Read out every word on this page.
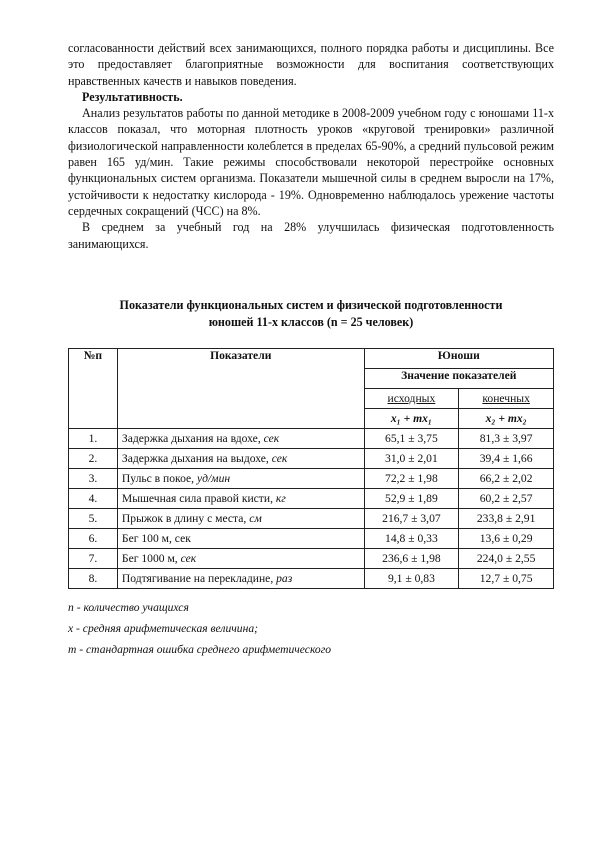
согласованности действий всех занимающихся, полного порядка работы и дисциплины. Все это предоставляет благоприятные возможности для воспитания соответствующих нравственных качеств и навыков поведения.

Результативность.

Анализ результатов работы по данной методике в 2008-2009 учебном году с юношами 11-х классов показал, что моторная плотность уроков «круговой тренировки» различной физиологической направленности колеблется в пределах 65-90%, а средний пульсовой режим равен 165 уд/мин. Такие режимы способствовали некоторой перестройке основных функциональных систем организма. Показатели мышечной силы в среднем выросли на 17%, устойчивости к недостатку кислорода - 19%. Одновременно наблюдалось урежение частоты сердечных сокращений (ЧСС) на 8%.

В среднем за учебный год на 28% улучшилась физическая подготовленность занимающихся.

Показатели функциональных систем и физической подготовленности
юношей 11-х классов (n = 25 человек)
№п	Показатели	Юноши	
		Значение показателей	
		исходных	конечных
		x₁ + mx₁	x₂ + mx₂
1.	Задержка дыхания на вдохе, сек	65,1 ± 3,75	81,3 ± 3,97
2.	Задержка дыхания на выдохе, сек	31,0 ± 2,01	39,4 ± 1,66
3.	Пульс в покое, уд/мин	72,2 ± 1,98	66,2 ± 2,02
4.	Мышечная сила правой кисти, кг	52,9 ± 1,89	60,2 ± 2,57
5.	Прыжок в длину с места, см	216,7 ± 3,07	233,8 ± 2,91
6.	Бег 100 м, сек	14,8 ± 0,33	13,6 ± 0,29
7.	Бег 1000 м, сек	236,6 ± 1,98	224,0 ± 2,55
8.	Подтягивание на перекладине, раз	9,1 ± 0,83	12,7 ± 0,75
n - количество учащихся
x - средняя арифметическая величина;
m - стандартная ошибка среднего арифметического
